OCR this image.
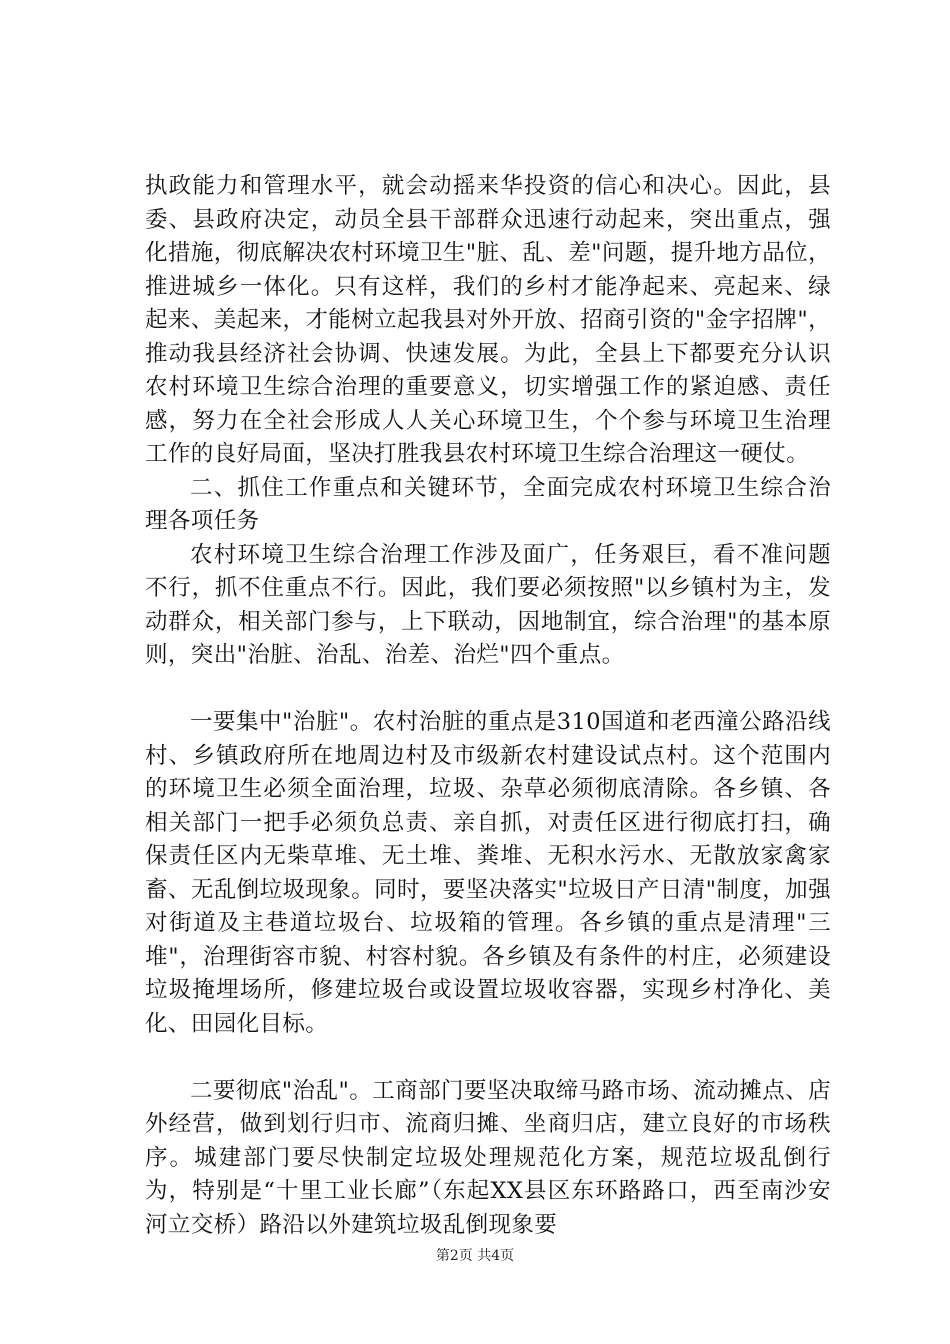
执政能力和管理水平，就会动摇来华投资的信心和决心。因此，县委、县政府决定，动员全县干部群众迅速行动起来，突出重点，强化措施，彻底解决农村环境卫生"脏、乱、差"问题，提升地方品位，推进城乡一体化。只有这样，我们的乡村才能净起来、亮起来、绿起来、美起来，才能树立起我县对外开放、招商引资的"金字招牌"，推动我县经济社会协调、快速发展。为此，全县上下都要充分认识农村环境卫生综合治理的重要意义，切实增强工作的紧迫感、责任感，努力在全社会形成人人关心环境卫生，个个参与环境卫生治理工作的良好局面，坚决打胜我县农村环境卫生综合治理这一硬仗。

二、抓住工作重点和关键环节，全面完成农村环境卫生综合治理各项任务

农村环境卫生综合治理工作涉及面广，任务艰巨，看不准问题不行，抓不住重点不行。因此，我们要必须按照"以乡镇村为主，发动群众，相关部门参与，上下联动，因地制宜，综合治理"的基本原则，突出"治脏、治乱、治差、治烂"四个重点。

一要集中"治脏"。农村治脏的重点是310国道和老西潼公路沿线村、乡镇政府所在地周边村及市级新农村建设试点村。这个范围内的环境卫生必须全面治理，垃圾、杂草必须彻底清除。各乡镇、各相关部门一把手必须负总责、亲自抓，对责任区进行彻底打扫，确保责任区内无柴草堆、无土堆、粪堆、无积水污水、无散放家禽家畜、无乱倒垃圾现象。同时，要坚决落实"垃圾日产日清"制度，加强对街道及主巷道垃圾台、垃圾箱的管理。各乡镇的重点是清理"三堆"，治理街容市貌、村容村貌。各乡镇及有条件的村庄，必须建设垃圾掩埋场所，修建垃圾台或设置垃圾收容器，实现乡村净化、美化、田园化目标。

二要彻底"治乱"。工商部门要坚决取缔马路市场、流动摊点、店外经营，做到划行归市、流商归摊、坐商归店，建立良好的市场秩序。城建部门要尽快制定垃圾处理规范化方案，规范垃圾乱倒行为，特别是“十里工业长廊”（东起XX县区东环路路口，西至南沙安河立交桥）路沿以外建筑垃圾乱倒现象要

第2页 共4页
